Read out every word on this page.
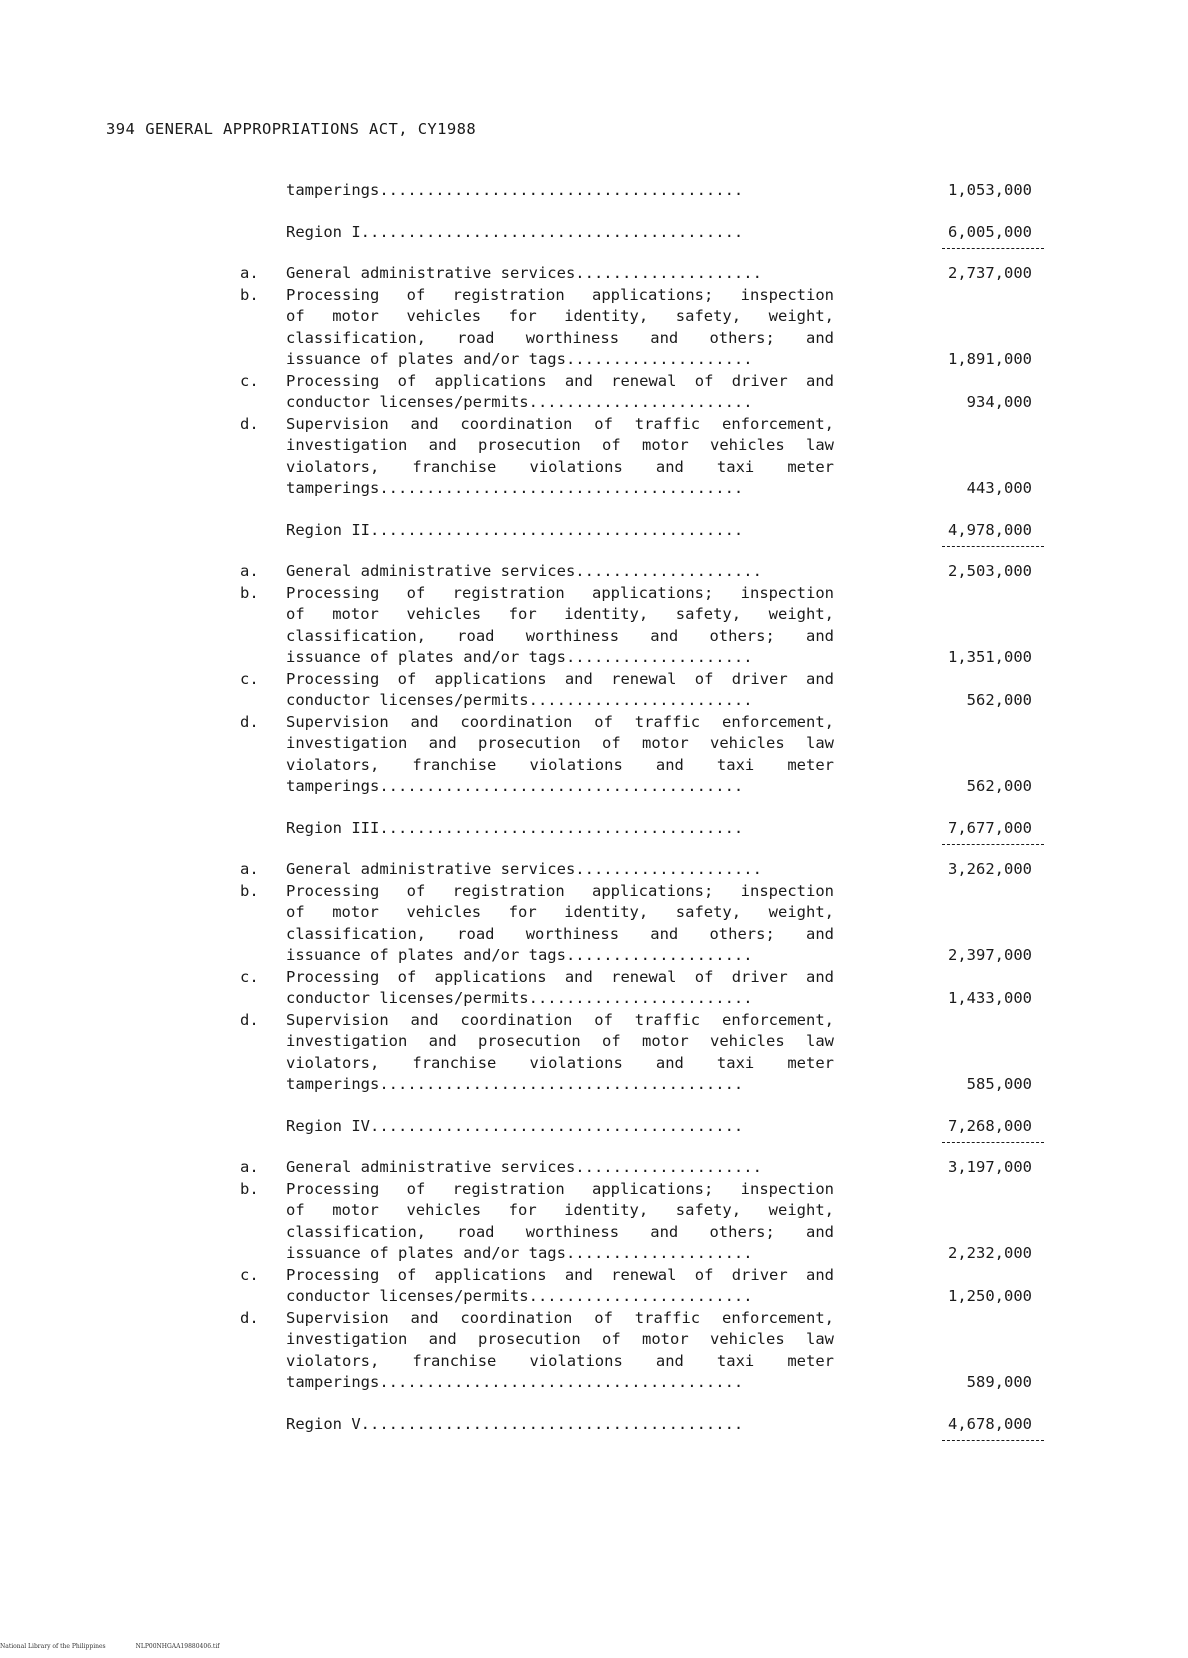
394 GENERAL APPROPRIATIONS ACT, CY1988
tamperings.......................................	1,053,000
Region I.........................................	6,005,000
a. General administrative services....................	2,737,000
b. Processing of registration applications; inspection
of motor vehicles for identity, safety, weight,
classification, road worthiness and others; and
issuance of plates and/or tags....................	1,891,000
c. Processing of applications and renewal of driver and
conductor licenses/permits........................	934,000
d. Supervision and coordination of traffic enforcement,
investigation and prosecution of motor vehicles law
violators, franchise violations and taxi meter
tamperings.......................................	443,000
Region II........................................	4,978,000
a. General administrative services....................	2,503,000
b. Processing of registration applications; inspection
of motor vehicles for identity, safety, weight,
classification, road worthiness and others; and
issuance of plates and/or tags....................	1,351,000
c. Processing of applications and renewal of driver and
conductor licenses/permits........................	562,000
d. Supervision and coordination of traffic enforcement,
investigation and prosecution of motor vehicles law
violators, franchise violations and taxi meter
tamperings.......................................	562,000
Region III.......................................	7,677,000
a. General administrative services....................	3,262,000
b. Processing of registration applications; inspection
of motor vehicles for identity, safety, weight,
classification, road worthiness and others; and
issuance of plates and/or tags....................	2,397,000
c. Processing of applications and renewal of driver and
conductor licenses/permits........................	1,433,000
d. Supervision and coordination of traffic enforcement,
investigation and prosecution of motor vehicles law
violators, franchise violations and taxi meter
tamperings.......................................	585,000
Region IV........................................	7,268,000
a. General administrative services....................	3,197,000
b. Processing of registration applications; inspection
of motor vehicles for identity, safety, weight,
classification, road worthiness and others; and
issuance of plates and/or tags....................	2,232,000
c. Processing of applications and renewal of driver and
conductor licenses/permits........................	1,250,000
d. Supervision and coordination of traffic enforcement,
investigation and prosecution of motor vehicles law
violators, franchise violations and taxi meter
tamperings.......................................	589,000
Region V.........................................	4,678,000
National Library of the Philippines	NLP00NHGAA19880406.tif
